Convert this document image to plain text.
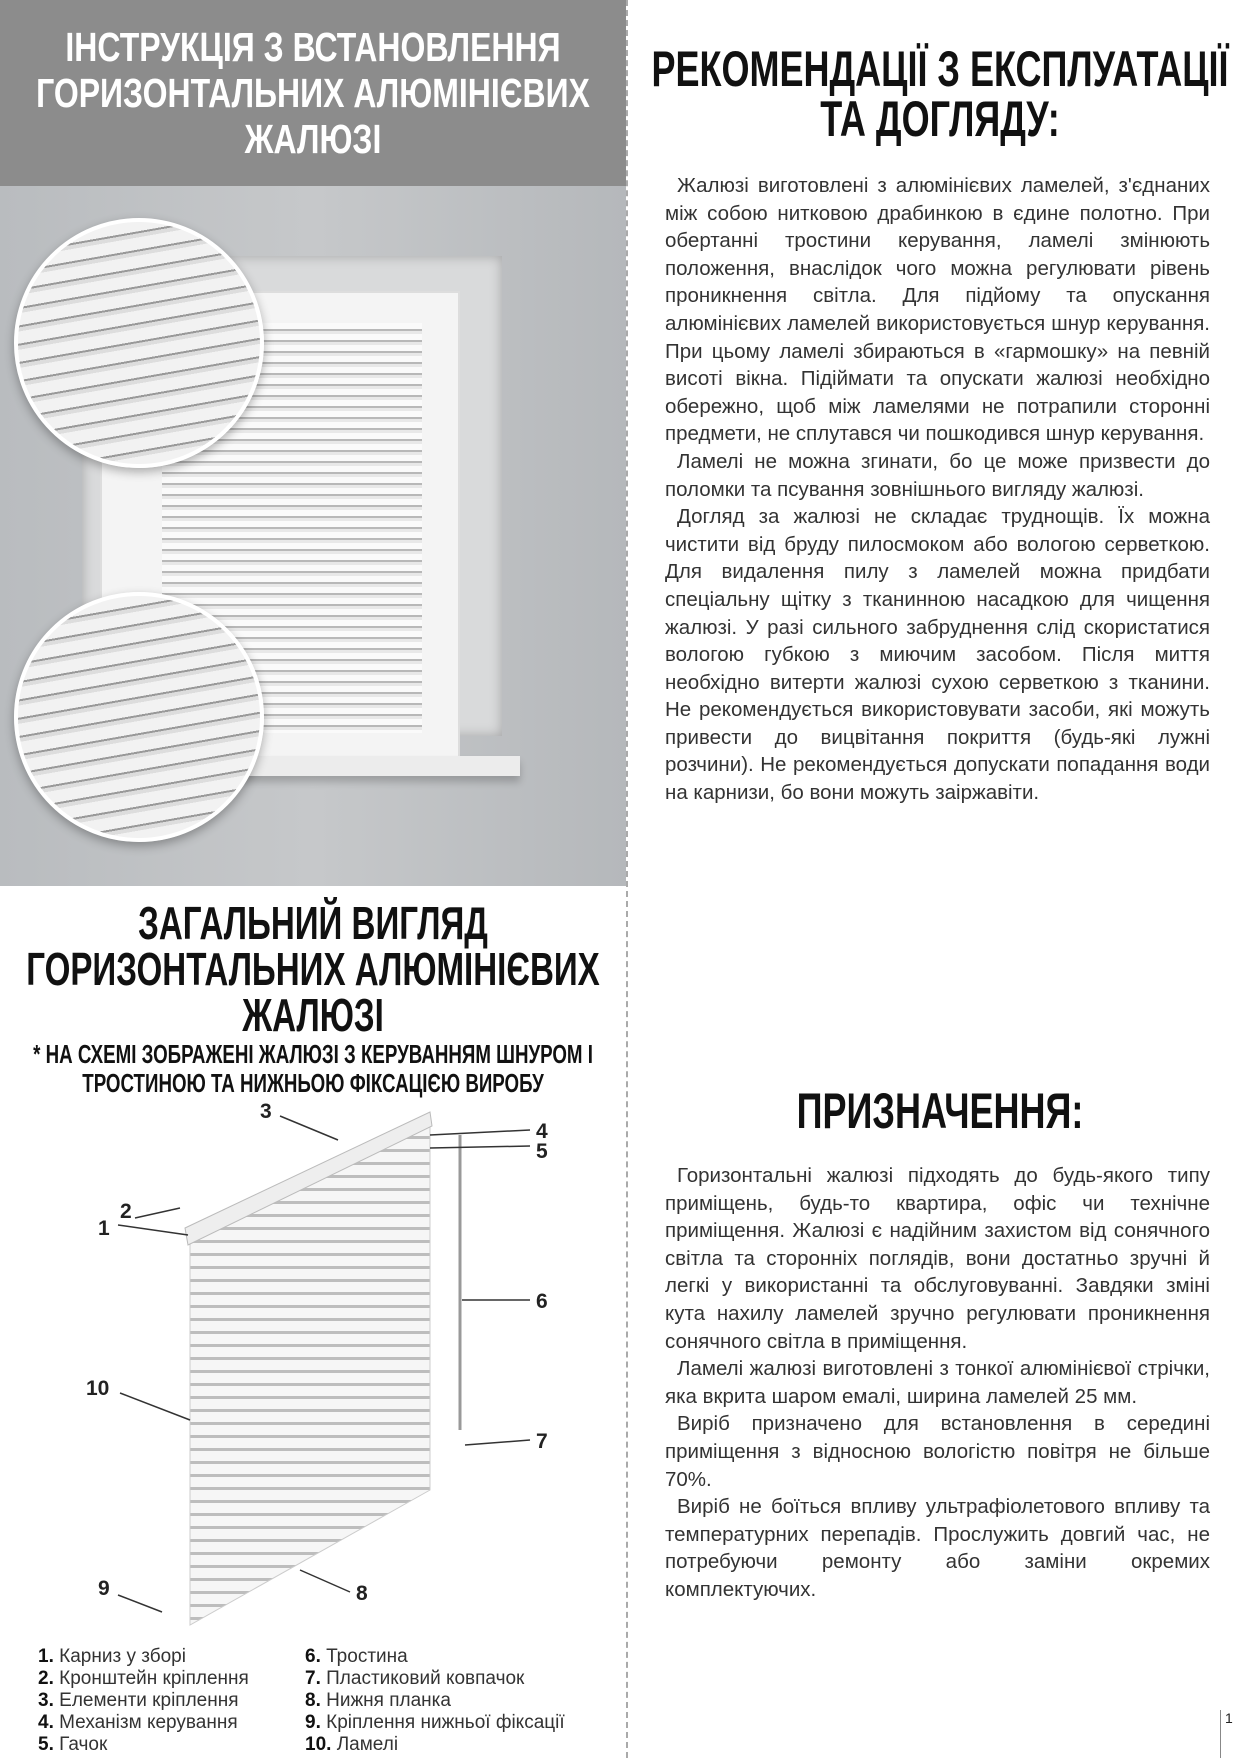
ІНСТРУКЦІЯ З ВСТАНОВЛЕННЯ
ГОРИЗОНТАЛЬНИХ АЛЮМІНІЄВИХ
ЖАЛЮЗІ
ЗАГАЛЬНИЙ ВИГЛЯД
ГОРИЗОНТАЛЬНИХ АЛЮМІНІЄВИХ
ЖАЛЮЗІ
* НА СХЕМІ ЗОБРАЖЕНІ ЖАЛЮЗІ З КЕРУВАННЯМ ШНУРОМ І
ТРОСТИНОЮ ТА НИЖНЬОЮ ФІКСАЦІЄЮ ВИРОБУ
1
2
3
4
5
6
7
8
9
10
1. Карниз у зборі
2. Кронштейн кріплення
3. Елементи кріплення
4. Механізм керування
5. Гачок
6. Тростина
7. Пластиковий ковпачок
8. Нижня планка
9. Кріплення нижньої фіксації
10. Ламелі
РЕКОМЕНДАЦІЇ З ЕКСПЛУАТАЦІЇ
ТА ДОГЛЯДУ:

Жалюзі виготовлені з алюмінієвих ламелей, з'єднаних між собою нитковою драбинкою в єдине полотно. При обертанні тростини керування, ламелі змінюють положення, внаслідок чого можна регулювати рівень проникнення світла. Для підйому та опускання алюмінієвих ламелей використовується шнур керування. При цьому ламелі збираються в «гармошку» на певній висоті вікна. Підіймати та опускати жалюзі необхідно обережно, щоб між ламелями не потрапили сторонні предмети, не сплутався чи пошкодився шнур керування.

Ламелі не можна згинати, бо це може призвести до поломки та псування зовнішнього вигляду жалюзі.

Догляд за жалюзі не складає труднощів. Їх можна чистити від бруду пилосмоком або вологою серветкою. Для видалення пилу з ламелей можна придбати спеціальну щітку з тканинною насадкою для чищення жалюзі. У разі сильного забруднення слід скористатися вологою губкою з миючим засобом. Після миття необхідно витерти жалюзі сухою серветкою з тканини. Не рекомендується використовувати засоби, які можуть привести до вицвітання покриття (будь-які лужні розчини). Не рекомендується допускати попадання води на карнизи, бо вони можуть заіржавіти.

ПРИЗНАЧЕННЯ:

Горизонтальні жалюзі підходять до будь-якого типу приміщень, будь-то квартира, офіс чи технічне приміщення. Жалюзі є надійним захистом від сонячного світла та сторонніх поглядів, вони достатньо зручні й легкі у використанні та обслуговуванні. Завдяки зміні кута нахилу ламелей зручно регулювати проникнення сонячного світла в приміщення.

Ламелі жалюзі виготовлені з тонкої алюмінієвої стрічки, яка вкрита шаром емалі, ширина ламелей 25 мм.

Виріб призначено для встановлення в середині приміщення з відносною вологістю повітря не більше 70%.

Виріб не боїться впливу ультрафіолетового впливу та температурних перепадів. Прослужить довгий час, не потребуючи ремонту або заміни окремих комплектуючих.

1
